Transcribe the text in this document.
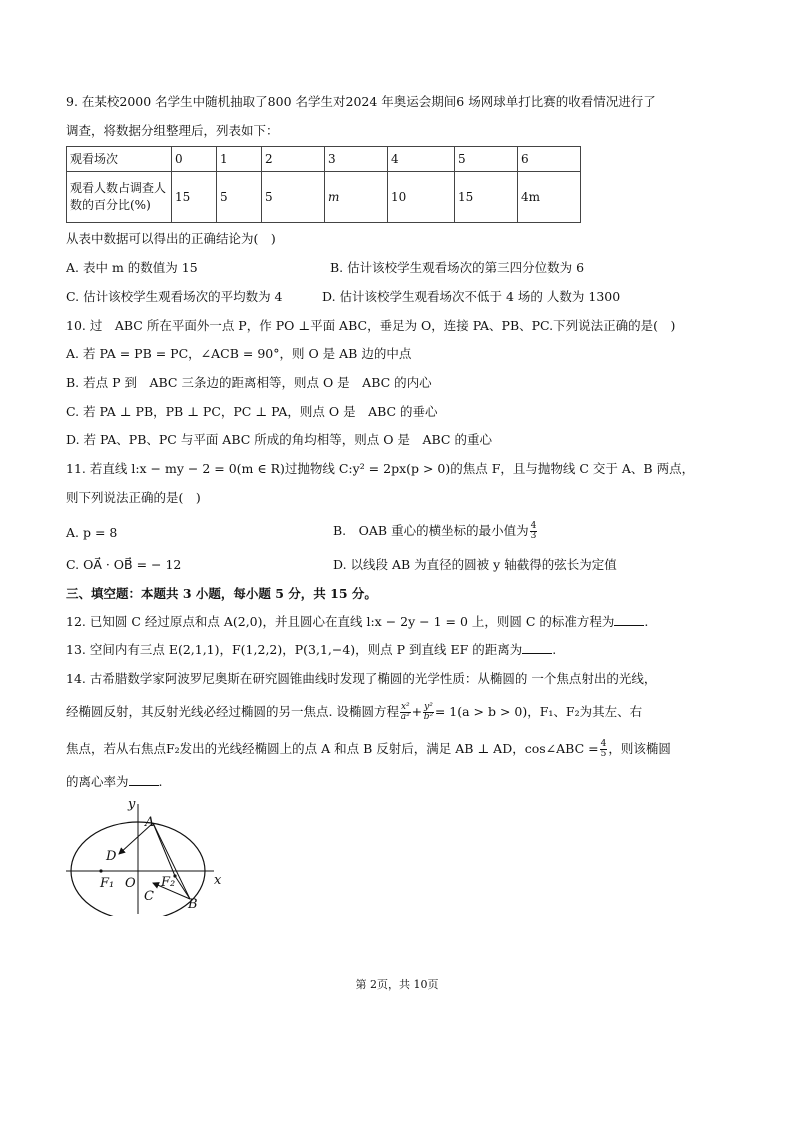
9. 在某校2000 名学生中随机抽取了800 名学生对2024 年奥运会期间6 场网球单打比赛的收看情况进行了
调查，将数据分组整理后，列表如下：
观看场次	0	1	2	3	4	5	6

观看人数占调查人
数的百分比(%)	15	5	5	m	10	15	4m
从表中数据可以得出的正确结论为(　)
A. 表中 m 的数值为 15	B. 估计该校学生观看场次的第三四分位数为 6
C. 估计该校学生观看场次的平均数为 4	D. 估计该校学生观看场次不低于 4 场的 人数为 1300
10. 过　ABC 所在平面外一点 P，作 PO ⊥平面 ABC，垂足为 O，连接 PA、PB、PC.下列说法正确的是(　)
A. 若 PA = PB = PC，∠ACB = 90°，则 O 是 AB 边的中点
B. 若点 P 到　ABC 三条边的距离相等，则点 O 是　ABC 的内心
C. 若 PA ⊥ PB，PB ⊥ PC，PC ⊥ PA，则点 O 是　ABC 的垂心
D. 若 PA、PB、PC 与平面 ABC 所成的角均相等，则点 O 是　ABC 的重心
11. 若直线 l:x − my − 2 = 0(m ∈ R)过抛物线 C:y² = 2px(p > 0)的焦点 F，且与抛物线 C 交于 A、B 两点，
则下列说法正确的是(　)
A. p = 8	B.　OAB 重心的横坐标的最小值为 $\frac{4}{3}$
C. OA⃗ · OB⃗ = − 12	D. 以线段 AB 为直径的圆被 y 轴截得的弦长为定值
三、填空题：本题共 3 小题，每小题 5 分，共 15 分。
12. 已知圆 C 经过原点和点 A(2,0)，并且圆心在直线 l:x − 2y − 1 = 0 上，则圆 C 的标准方程为 .
13. 空间内有三点 E(2,1,1)，F(1,2,2)，P(3,1,−4)，则点 P 到直线 EF 的距离为 .
14. 古希腊数学家阿波罗尼奥斯在研究圆锥曲线时发现了椭圆的光学性质：从椭圆的 一个焦点射出的光线，
经椭圆反射，其反射光线必经过椭圆的另一焦点. 设椭圆方程 $\frac{\text{x²}}{\text{a²}} + \frac{\text{y²}}{\text{b²}} = 1(a > b > 0)$，F₁、F₂为其左、右
焦点，若从右焦点F₂发出的光线经椭圆上的点 A 和点 B 反射后，满足 AB ⊥ AD，cos∠ABC = $\frac{4}{5}$ ，则该椭圆
的离心率为 .
y
x
A
D
F₁ O F₂
C
B
第 2页，共 10页
